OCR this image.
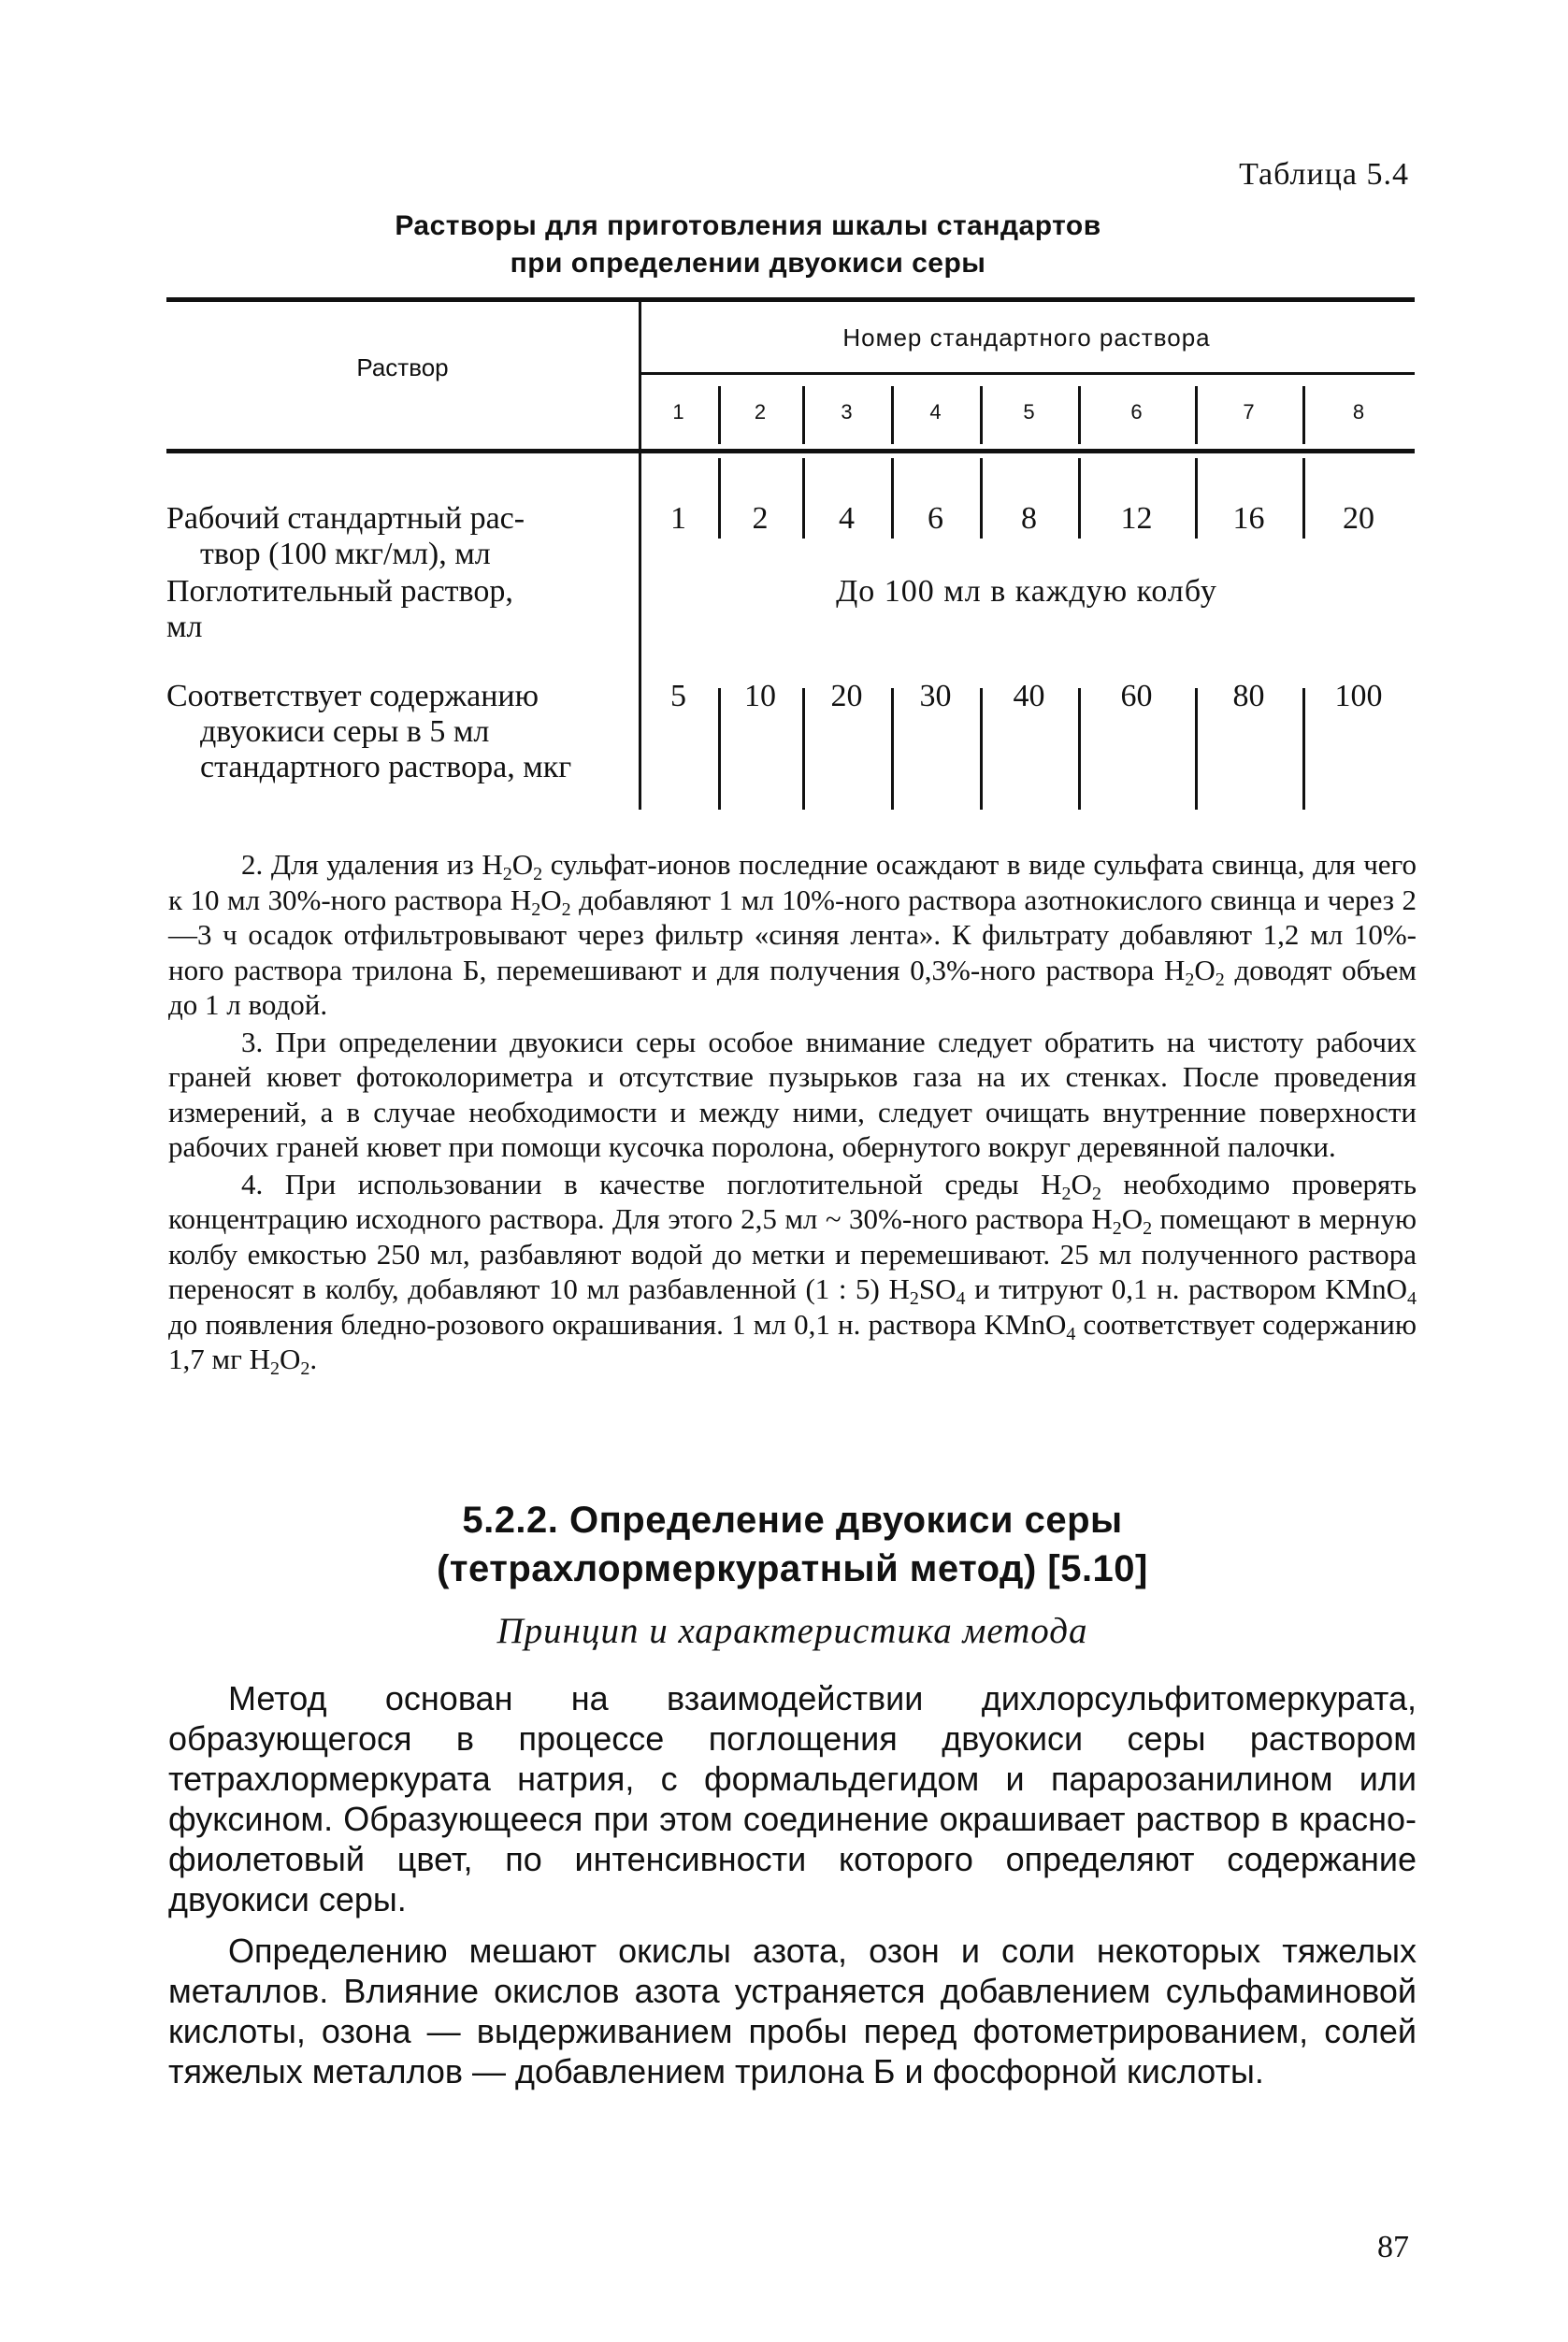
Таблица 5.4
Растворы для приготовления шкалы стандартов
при определении двуокиси серы
Раствор
Номер стандартного раствора
Рабочий стандартный рас-
твор (100 мкг/мл), мл
Поглотительный раствор,
мл
До 100 мл в каждую колбу
Соответствует содержанию
двуокиси серы в 5 мл
стандартного раствора, мкг
1
1
5
2
2
10
3
4
20
4
6
30
5
8
40
6
12
60
7
16
80
8
20
100

2. Для удаления из $H_2O_2$ сульфат-ионов последние осаждают в виде сульфата свинца, для чего к 10 мл 30%-ного раствора $H_2O_2$ добавляют 1 мл 10%-ного раствора азотнокислого свинца и через 2—3 ч осадок отфильтровывают через фильтр «синяя лента». К фильтрату добавляют 1,2 мл 10%-ного раствора трилона Б, перемешивают и для получения 0,3%-ного раствора $H_2O_2$ доводят объем до 1 л водой.

3. При определении двуокиси серы особое внимание следует обратить на чистоту рабочих граней кювет фотоколориметра и отсутствие пузырьков газа на их стенках. После проведения измерений, а в случае необходимости и между ними, следует очищать внутренние поверхности рабочих граней кювет при помощи кусочка поролона, обернутого вокруг деревянной палочки.

4. При использовании в качестве поглотительной среды $H_2O_2$ необходимо проверять концентрацию исходного раствора. Для этого 2,5 мл ~ 30%-ного раствора $H_2O_2$ помещают в мерную колбу емкостью 250 мл, разбавляют водой до метки и перемешивают. 25 мл полученного раствора переносят в колбу, добавляют 10 мл разбавленной (1 : 5) $H_2SO_4$ и титруют 0,1 н. раствором KMnO$_4$ до появления бледно-розового окрашивания. 1 мл 0,1 н. раствора KMnO$_4$ соответствует содержанию 1,7 мг $H_2O_2$.

5.2.2. Определение двуокиси серы
(тетрахлормеркуратный метод) [5.10]
Принцип и характеристика метода

Метод основан на взаимодействии дихлорсульфитомеркурата, образующегося в процессе поглощения двуокиси серы раствором тетрахлормеркурата натрия, с формальдегидом и парарозанилином или фуксином. Образующееся при этом соединение окрашивает раствор в красно-фиолетовый цвет, по интенсивности которого определяют содержание двуокиси серы.

Определению мешают окислы азота, озон и соли некоторых тяжелых металлов. Влияние окислов азота устраняется добавлением сульфаминовой кислоты, озона — выдерживанием пробы перед фотометрированием, солей тяжелых металлов — добавлением трилона Б и фосфорной кислоты.

87
